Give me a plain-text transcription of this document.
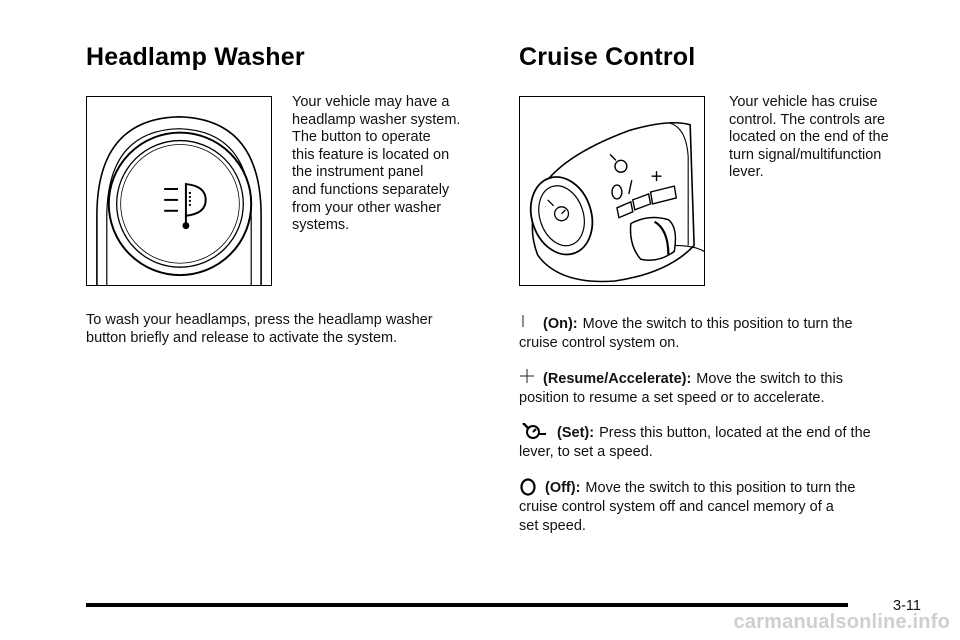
Headlamp Washer

Your vehicle may have a
headlamp washer system.
The button to operate
this feature is located on
the instrument panel
and functions separately
from your other washer
systems.

To wash your headlamps, press the headlamp washer
button briefly and release to activate the system.

Cruise Control

Your vehicle has cruise
control. The controls are
located on the end of the
turn signal/multifunction
lever.

(On): Move the switch to this position to turn the
cruise control system on.
(Resume/Accelerate): Move the switch to this
position to resume a set speed or to accelerate.
(Set): Press this button, located at the end of the
lever, to set a speed.
(Off): Move the switch to this position to turn the
cruise control system off and cancel memory of a
set speed.
3-11
carmanualsonline.info
